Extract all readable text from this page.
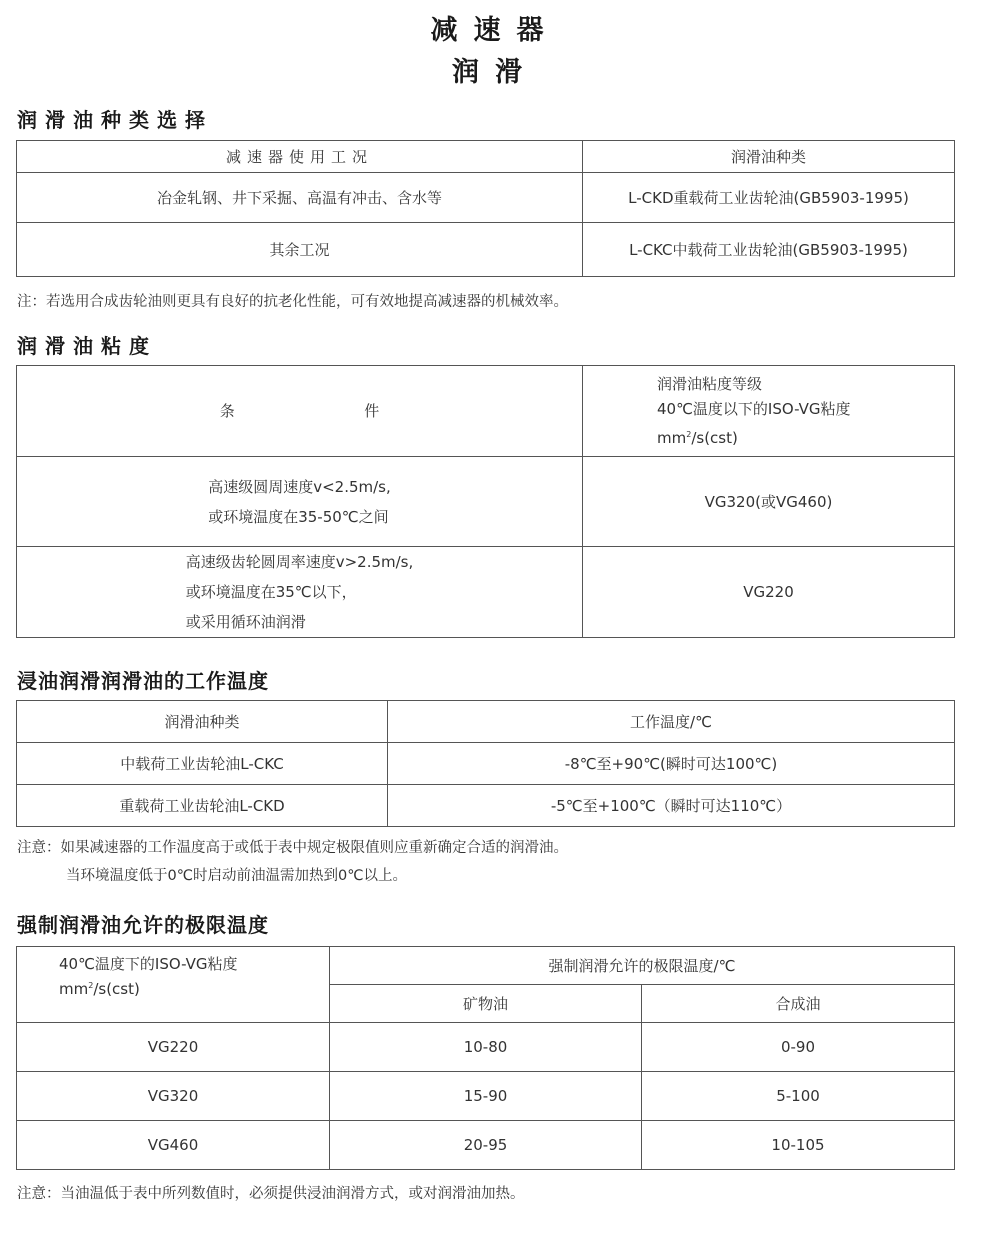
减速器
润滑
润滑油种类选择
减速器使用工况	润滑油种类
冶金轧钢、井下采掘、高温有冲击、含水等	L-CKD重载荷工业齿轮油(GB5903-1995)
其余工况	L-CKC中载荷工业齿轮油(GB5903-1995)
注：若选用合成齿轮油则更具有良好的抗老化性能，可有效地提高减速器的机械效率。
润滑油粘度
条 件	润滑油粘度等级
40℃温度以下的ISO-VG粘度
$mm^2/s(cst)$

高速级圆周速度v<2.5m/s,
或环境温度在35-50℃之间	VG320(或VG460)

高速级齿轮圆周率速度v>2.5m/s,
或环境温度在35℃以下，
或采用循环油润滑	VG220
浸油润滑润滑油的工作温度
润滑油种类	工作温度/℃
中载荷工业齿轮油L-CKC	-8℃至+90℃(瞬时可达100℃)
重载荷工业齿轮油L-CKD	-5℃至+100℃（瞬时可达110℃）
注意：如果减速器的工作温度高于或低于表中规定极限值则应重新确定合适的润滑油。
当环境温度低于0℃时启动前油温需加热到0℃以上。
强制润滑油允许的极限温度
40℃温度下的ISO-VG粘度
$mm^2/s(cst)$	强制润滑允许的极限温度/℃	
	矿物油	合成油
VG220	10-80	0-90
VG320	15-90	5-100
VG460	20-95	10-105
注意：当油温低于表中所列数值时，必须提供浸油润滑方式，或对润滑油加热。
